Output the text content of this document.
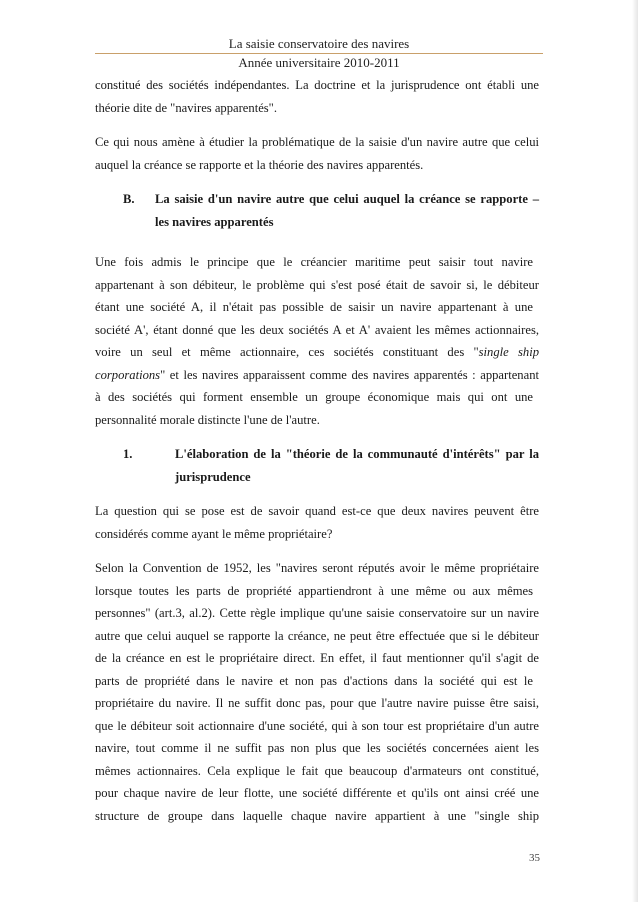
La saisie conservatoire des navires
Année universitaire 2010-2011

constitué des sociétés indépendantes. La doctrine et la jurisprudence ont établi une
théorie dite de "navires apparentés".

Ce qui nous amène à étudier la problématique de la saisie d'un navire autre que celui
auquel la créance se rapporte et la théorie des navires apparentés.

B. La saisie d'un navire autre que celui auquel la créance se rapporte –
les navires apparentés

Une fois admis le principe que le créancier maritime peut saisir tout navire
appartenant à son débiteur, le problème qui s'est posé était de savoir si, le débiteur
étant une société A, il n'était pas possible de saisir un navire appartenant à une
société A', étant donné que les deux sociétés A et A' avaient les mêmes actionnaires,
voire un seul et même actionnaire, ces sociétés constituant des "single ship
corporations" et les navires apparaissent comme des navires apparentés : appartenant
à des sociétés qui forment ensemble un groupe économique mais qui ont une
personnalité morale distincte l'une de l'autre.

1.	L'élaboration de la "théorie de la communauté d'intérêts" par la
jurisprudence

La question qui se pose est de savoir quand est-ce que deux navires peuvent être
considérés comme ayant le même propriétaire?

Selon la Convention de 1952, les "navires seront réputés avoir le même propriétaire
lorsque toutes les parts de propriété appartiendront à une même ou aux mêmes
personnes" (art.3, al.2). Cette règle implique qu'une saisie conservatoire sur un navire
autre que celui auquel se rapporte la créance, ne peut être effectuée que si le débiteur
de la créance en est le propriétaire direct. En effet, il faut mentionner qu'il s'agit de
parts de propriété dans le navire et non pas d'actions dans la société qui est le
propriétaire du navire. Il ne suffit donc pas, pour que l'autre navire puisse être saisi,
que le débiteur soit actionnaire d'une société, qui à son tour est propriétaire d'un autre
navire, tout comme il ne suffit pas non plus que les sociétés concernées aient les
mêmes actionnaires. Cela explique le fait que beaucoup d'armateurs ont constitué,
pour chaque navire de leur flotte, une société différente et qu'ils ont ainsi créé une
structure de groupe dans laquelle chaque navire appartient à une "single ship

35
